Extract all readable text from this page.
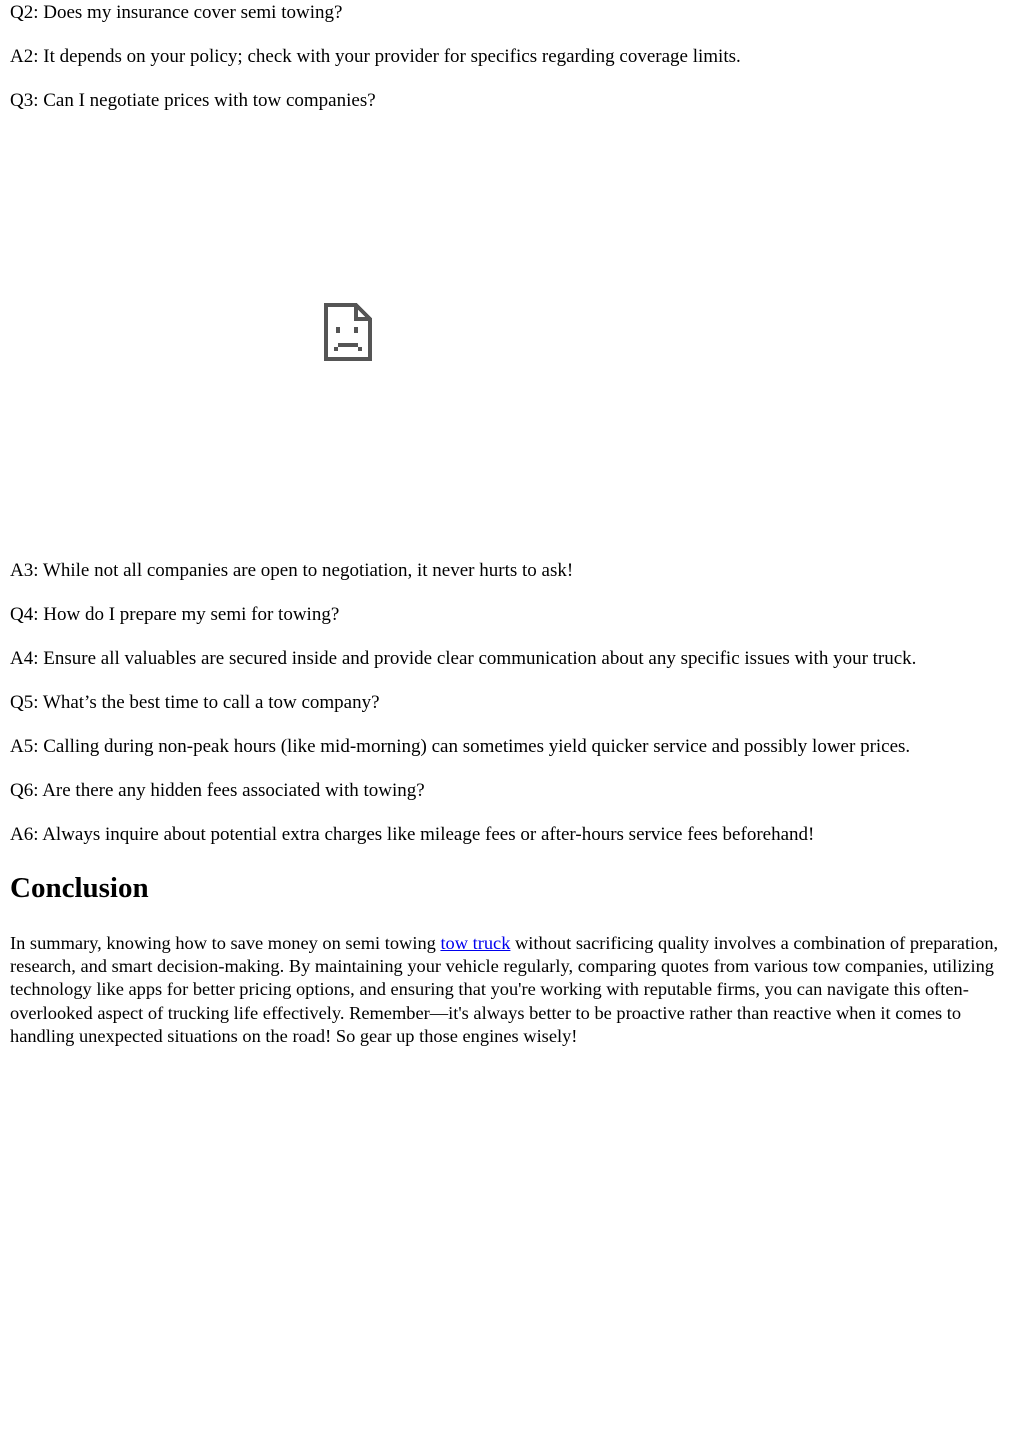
Q2: Does my insurance cover semi towing?

A2: It depends on your policy; check with your provider for specifics regarding coverage limits.

Q3: Can I negotiate prices with tow companies?

A3: While not all companies are open to negotiation, it never hurts to ask!

Q4: How do I prepare my semi for towing?

A4: Ensure all valuables are secured inside and provide clear communication about any specific issues with your truck.

Q5: What’s the best time to call a tow company?

A5: Calling during non-peak hours (like mid-morning) can sometimes yield quicker service and possibly lower prices.

Q6: Are there any hidden fees associated with towing?

A6: Always inquire about potential extra charges like mileage fees or after-hours service fees beforehand!

Conclusion

In summary, knowing how to save money on semi towing tow truck without sacrificing quality involves a combination of preparation, research, and smart decision-making. By maintaining your vehicle regularly, comparing quotes from various tow companies, utilizing technology like apps for better pricing options, and ensuring that you're working with reputable firms, you can navigate this often-overlooked aspect of trucking life effectively. Remember—it's always better to be proactive rather than reactive when it comes to handling unexpected situations on the road! So gear up those engines wisely!
